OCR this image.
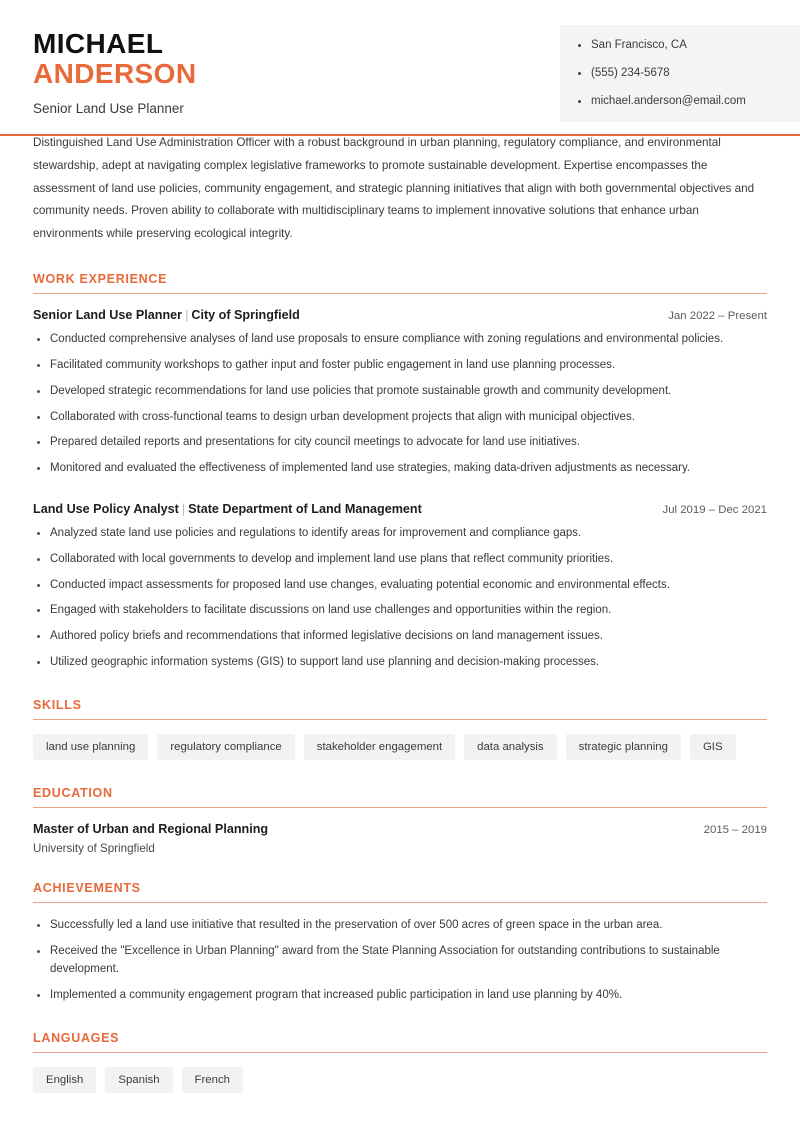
MICHAEL
ANDERSON
Senior Land Use Planner
San Francisco, CA
(555) 234-5678
michael.anderson@email.com
Distinguished Land Use Administration Officer with a robust background in urban planning, regulatory compliance, and environmental stewardship, adept at navigating complex legislative frameworks to promote sustainable development. Expertise encompasses the assessment of land use policies, community engagement, and strategic planning initiatives that align with both governmental objectives and community needs. Proven ability to collaborate with multidisciplinary teams to implement innovative solutions that enhance urban environments while preserving ecological integrity.
WORK EXPERIENCE
Senior Land Use Planner | City of Springfield	Jan 2022 – Present
Conducted comprehensive analyses of land use proposals to ensure compliance with zoning regulations and environmental policies.
Facilitated community workshops to gather input and foster public engagement in land use planning processes.
Developed strategic recommendations for land use policies that promote sustainable growth and community development.
Collaborated with cross-functional teams to design urban development projects that align with municipal objectives.
Prepared detailed reports and presentations for city council meetings to advocate for land use initiatives.
Monitored and evaluated the effectiveness of implemented land use strategies, making data-driven adjustments as necessary.
Land Use Policy Analyst | State Department of Land Management	Jul 2019 – Dec 2021
Analyzed state land use policies and regulations to identify areas for improvement and compliance gaps.
Collaborated with local governments to develop and implement land use plans that reflect community priorities.
Conducted impact assessments for proposed land use changes, evaluating potential economic and environmental effects.
Engaged with stakeholders to facilitate discussions on land use challenges and opportunities within the region.
Authored policy briefs and recommendations that informed legislative decisions on land management issues.
Utilized geographic information systems (GIS) to support land use planning and decision-making processes.
SKILLS
land use planning	regulatory compliance	stakeholder engagement	data analysis	strategic planning	GIS
EDUCATION
Master of Urban and Regional Planning	2015 – 2019
University of Springfield
ACHIEVEMENTS
Successfully led a land use initiative that resulted in the preservation of over 500 acres of green space in the urban area.
Received the "Excellence in Urban Planning" award from the State Planning Association for outstanding contributions to sustainable development.
Implemented a community engagement program that increased public participation in land use planning by 40%.
LANGUAGES
English	Spanish	French
